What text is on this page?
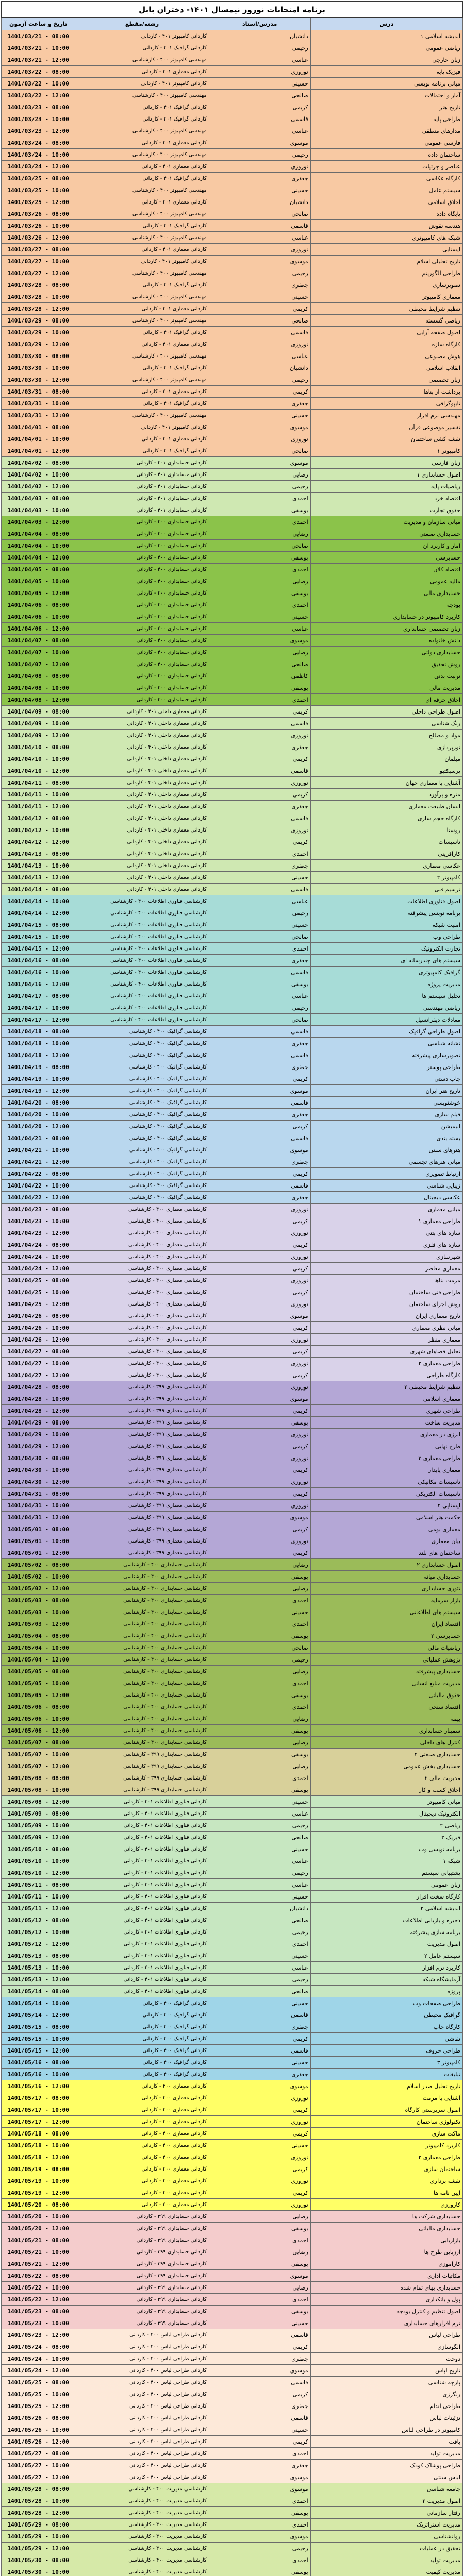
برنامه امتحانات نوروز نیمسال ۱۴۰۱- دختران بابل
درس	مدرس/استاد	رشته/مقطع	تاریخ و ساعت آزمون
اندیشه اسلامی ۱	دانشیان	کاردانی کامپیوتر ۴۰۱ - کاردانی	1401/03/21 - 08:00
ریاضی عمومی	رحیمی	کاردانی گرافیک ۴۰۱ - کاردانی	1401/03/21 - 10:00
زبان خارجی	عباسی	مهندسی کامپیوتر ۴۰۰ - کارشناسی	1401/03/21 - 12:00
فیزیک پایه	نوروزی	کاردانی معماری ۴۰۱ - کاردانی	1401/03/22 - 08:00
مبانی برنامه نویسی	حسینی	کاردانی کامپیوتر ۴۰۱ - کاردانی	1401/03/22 - 10:00
آمار و احتمالات	صالحی	مهندسی کامپیوتر ۴۰۰ - کارشناسی	1401/03/22 - 12:00
تاریخ هنر	کریمی	کاردانی گرافیک ۴۰۱ - کاردانی	1401/03/23 - 08:00
طراحی پایه	قاسمی	کاردانی گرافیک ۴۰۱ - کاردانی	1401/03/23 - 10:00
مدارهای منطقی	عباسی	مهندسی کامپیوتر ۴۰۰ - کارشناسی	1401/03/23 - 12:00
فارسی عمومی	موسوی	کاردانی معماری ۴۰۱ - کاردانی	1401/03/24 - 08:00
ساختمان داده	رحیمی	مهندسی کامپیوتر ۴۰۰ - کارشناسی	1401/03/24 - 10:00
عناصر و جزئیات	نوروزی	کاردانی معماری ۴۰۱ - کاردانی	1401/03/24 - 12:00
کارگاه عکاسی	جعفری	کاردانی گرافیک ۴۰۱ - کاردانی	1401/03/25 - 08:00
سیستم عامل	حسینی	مهندسی کامپیوتر ۴۰۰ - کارشناسی	1401/03/25 - 10:00
اخلاق اسلامی	دانشیان	کاردانی معماری ۴۰۱ - کاردانی	1401/03/25 - 12:00
پایگاه داده	صالحی	مهندسی کامپیوتر ۴۰۰ - کارشناسی	1401/03/26 - 08:00
هندسه نقوش	قاسمی	کاردانی گرافیک ۴۰۱ - کاردانی	1401/03/26 - 10:00
شبکه های کامپیوتری	عباسی	مهندسی کامپیوتر ۴۰۰ - کارشناسی	1401/03/26 - 12:00
ایستایی	نوروزی	کاردانی معماری ۴۰۱ - کاردانی	1401/03/27 - 08:00
تاریخ تحلیلی اسلام	موسوی	کاردانی کامپیوتر ۴۰۱ - کاردانی	1401/03/27 - 10:00
طراحی الگوریتم	رحیمی	مهندسی کامپیوتر ۴۰۰ - کارشناسی	1401/03/27 - 12:00
تصویرسازی	جعفری	کاردانی گرافیک ۴۰۱ - کاردانی	1401/03/28 - 08:00
معماری کامپیوتر	حسینی	مهندسی کامپیوتر ۴۰۰ - کارشناسی	1401/03/28 - 10:00
تنظیم شرایط محیطی	کریمی	کاردانی معماری ۴۰۱ - کاردانی	1401/03/28 - 12:00
ریاضی گسسته	صالحی	مهندسی کامپیوتر ۴۰۰ - کارشناسی	1401/03/29 - 08:00
اصول صفحه آرایی	قاسمی	کاردانی گرافیک ۴۰۱ - کاردانی	1401/03/29 - 10:00
کارگاه سازه	نوروزی	کاردانی معماری ۴۰۱ - کاردانی	1401/03/29 - 12:00
هوش مصنوعی	عباسی	مهندسی کامپیوتر ۴۰۰ - کارشناسی	1401/03/30 - 08:00
انقلاب اسلامی	دانشیان	کاردانی گرافیک ۴۰۱ - کاردانی	1401/03/30 - 10:00
زبان تخصصی	رحیمی	مهندسی کامپیوتر ۴۰۰ - کارشناسی	1401/03/30 - 12:00
برداشت از بناها	کریمی	کاردانی معماری ۴۰۱ - کاردانی	1401/03/31 - 08:00
تایپوگرافی	جعفری	کاردانی گرافیک ۴۰۱ - کاردانی	1401/03/31 - 10:00
مهندسی نرم افزار	حسینی	مهندسی کامپیوتر ۴۰۰ - کارشناسی	1401/03/31 - 12:00
تفسیر موضوعی قرآن	موسوی	کاردانی کامپیوتر ۴۰۱ - کاردانی	1401/04/01 - 08:00
نقشه کشی ساختمان	نوروزی	کاردانی معماری ۴۰۱ - کاردانی	1401/04/01 - 10:00
کامپیوتر ۱	صالحی	کاردانی گرافیک ۴۰۱ - کاردانی	1401/04/01 - 12:00
زبان فارسی	موسوی	کاردانی حسابداری ۴۰۱ - کاردانی	1401/04/02 - 08:00
اصول حسابداری ۱	رضایی	کاردانی حسابداری ۴۰۱ - کاردانی	1401/04/02 - 10:00
ریاضیات پایه	رحیمی	کاردانی حسابداری ۴۰۱ - کاردانی	1401/04/02 - 12:00
اقتصاد خرد	احمدی	کاردانی حسابداری ۴۰۱ - کاردانی	1401/04/03 - 08:00
حقوق تجارت	یوسفی	کاردانی حسابداری ۴۰۱ - کاردانی	1401/04/03 - 10:00
مبانی سازمان و مدیریت	احمدی	کاردانی حسابداری ۴۰۰ - کاردانی	1401/04/03 - 12:00
حسابداری صنعتی	رضایی	کاردانی حسابداری ۴۰۰ - کاردانی	1401/04/04 - 08:00
آمار و کاربرد آن	صالحی	کاردانی حسابداری ۴۰۰ - کاردانی	1401/04/04 - 10:00
حسابرسی	یوسفی	کاردانی حسابداری ۴۰۰ - کاردانی	1401/04/04 - 12:00
اقتصاد کلان	احمدی	کاردانی حسابداری ۴۰۰ - کاردانی	1401/04/05 - 08:00
مالیه عمومی	رضایی	کاردانی حسابداری ۴۰۰ - کاردانی	1401/04/05 - 10:00
حسابداری مالی	یوسفی	کاردانی حسابداری ۴۰۰ - کاردانی	1401/04/05 - 12:00
بودجه	احمدی	کاردانی حسابداری ۴۰۰ - کاردانی	1401/04/06 - 08:00
کاربرد کامپیوتر در حسابداری	حسینی	کاردانی حسابداری ۴۰۰ - کاردانی	1401/04/06 - 10:00
زبان تخصصی حسابداری	عباسی	کاردانی حسابداری ۴۰۰ - کاردانی	1401/04/06 - 12:00
دانش خانواده	موسوی	کاردانی حسابداری ۴۰۰ - کاردانی	1401/04/07 - 08:00
حسابداری دولتی	رضایی	کاردانی حسابداری ۴۰۰ - کاردانی	1401/04/07 - 10:00
روش تحقیق	صالحی	کاردانی حسابداری ۴۰۰ - کاردانی	1401/04/07 - 12:00
تربیت بدنی	کاظمی	کاردانی حسابداری ۴۰۰ - کاردانی	1401/04/08 - 08:00
مدیریت مالی	یوسفی	کاردانی حسابداری ۴۰۰ - کاردانی	1401/04/08 - 10:00
اخلاق حرفه ای	احمدی	کاردانی حسابداری ۴۰۰ - کاردانی	1401/04/08 - 12:00
اصول طراحی داخلی	کریمی	کاردانی معماری داخلی ۴۰۱ - کاردانی	1401/04/09 - 08:00
رنگ شناسی	قاسمی	کاردانی معماری داخلی ۴۰۱ - کاردانی	1401/04/09 - 10:00
مواد و مصالح	نوروزی	کاردانی معماری داخلی ۴۰۱ - کاردانی	1401/04/09 - 12:00
نورپردازی	جعفری	کاردانی معماری داخلی ۴۰۱ - کاردانی	1401/04/10 - 08:00
مبلمان	کریمی	کاردانی معماری داخلی ۴۰۱ - کاردانی	1401/04/10 - 10:00
پرسپکتیو	قاسمی	کاردانی معماری داخلی ۴۰۱ - کاردانی	1401/04/10 - 12:00
آشنایی با معماری جهان	نوروزی	کاردانی معماری داخلی ۴۰۱ - کاردانی	1401/04/11 - 08:00
متره و برآورد	کریمی	کاردانی معماری داخلی ۴۰۱ - کاردانی	1401/04/11 - 10:00
انسان طبیعت معماری	جعفری	کاردانی معماری داخلی ۴۰۱ - کاردانی	1401/04/11 - 12:00
کارگاه حجم سازی	قاسمی	کاردانی معماری داخلی ۴۰۱ - کاردانی	1401/04/12 - 08:00
روستا	نوروزی	کاردانی معماری داخلی ۴۰۱ - کاردانی	1401/04/12 - 10:00
تاسیسات	کریمی	کاردانی معماری داخلی ۴۰۱ - کاردانی	1401/04/12 - 12:00
کارآفرینی	احمدی	کاردانی معماری داخلی ۴۰۱ - کاردانی	1401/04/13 - 08:00
عکاسی معماری	جعفری	کاردانی معماری داخلی ۴۰۱ - کاردانی	1401/04/13 - 10:00
کامپیوتر ۲	حسینی	کاردانی معماری داخلی ۴۰۱ - کاردانی	1401/04/13 - 12:00
ترسیم فنی	قاسمی	کاردانی معماری داخلی ۴۰۱ - کاردانی	1401/04/14 - 08:00
اصول فناوری اطلاعات	عباسی	کارشناسی فناوری اطلاعات ۴۰۰ - کارشناسی	1401/04/14 - 10:00
برنامه نویسی پیشرفته	رحیمی	کارشناسی فناوری اطلاعات ۴۰۰ - کارشناسی	1401/04/14 - 12:00
امنیت شبکه	حسینی	کارشناسی فناوری اطلاعات ۴۰۰ - کارشناسی	1401/04/15 - 08:00
طراحی وب	صالحی	کارشناسی فناوری اطلاعات ۴۰۰ - کارشناسی	1401/04/15 - 10:00
تجارت الکترونیک	احمدی	کارشناسی فناوری اطلاعات ۴۰۰ - کارشناسی	1401/04/15 - 12:00
سیستم های چندرسانه ای	جعفری	کارشناسی فناوری اطلاعات ۴۰۰ - کارشناسی	1401/04/16 - 08:00
گرافیک کامپیوتری	قاسمی	کارشناسی فناوری اطلاعات ۴۰۰ - کارشناسی	1401/04/16 - 10:00
مدیریت پروژه	یوسفی	کارشناسی فناوری اطلاعات ۴۰۰ - کارشناسی	1401/04/16 - 12:00
تحلیل سیستم ها	عباسی	کارشناسی فناوری اطلاعات ۴۰۰ - کارشناسی	1401/04/17 - 08:00
ریاضی مهندسی	رحیمی	کارشناسی فناوری اطلاعات ۴۰۰ - کارشناسی	1401/04/17 - 10:00
معادلات دیفرانسیل	صالحی	کارشناسی فناوری اطلاعات ۴۰۰ - کارشناسی	1401/04/17 - 12:00
اصول طراحی گرافیک	قاسمی	کارشناسی گرافیک ۴۰۰ - کارشناسی	1401/04/18 - 08:00
نشانه شناسی	جعفری	کارشناسی گرافیک ۴۰۰ - کارشناسی	1401/04/18 - 10:00
تصویرسازی پیشرفته	قاسمی	کارشناسی گرافیک ۴۰۰ - کارشناسی	1401/04/18 - 12:00
طراحی پوستر	جعفری	کارشناسی گرافیک ۴۰۰ - کارشناسی	1401/04/19 - 08:00
چاپ دستی	کریمی	کارشناسی گرافیک ۴۰۰ - کارشناسی	1401/04/19 - 10:00
تاریخ هنر ایران	موسوی	کارشناسی گرافیک ۴۰۰ - کارشناسی	1401/04/19 - 12:00
خوشنویسی	قاسمی	کارشناسی گرافیک ۴۰۰ - کارشناسی	1401/04/20 - 08:00
فیلم سازی	جعفری	کارشناسی گرافیک ۴۰۰ - کارشناسی	1401/04/20 - 10:00
انیمیشن	کریمی	کارشناسی گرافیک ۴۰۰ - کارشناسی	1401/04/20 - 12:00
بسته بندی	قاسمی	کارشناسی گرافیک ۴۰۰ - کارشناسی	1401/04/21 - 08:00
هنرهای سنتی	موسوی	کارشناسی گرافیک ۴۰۰ - کارشناسی	1401/04/21 - 10:00
مبانی هنرهای تجسمی	جعفری	کارشناسی گرافیک ۴۰۰ - کارشناسی	1401/04/21 - 12:00
ارتباط تصویری	کریمی	کارشناسی گرافیک ۴۰۰ - کارشناسی	1401/04/22 - 08:00
زیبایی شناسی	قاسمی	کارشناسی گرافیک ۴۰۰ - کارشناسی	1401/04/22 - 10:00
عکاسی دیجیتال	جعفری	کارشناسی گرافیک ۴۰۰ - کارشناسی	1401/04/22 - 12:00
مبانی معماری	نوروزی	کارشناسی معماری ۴۰۰ - کارشناسی	1401/04/23 - 08:00
طراحی معماری ۱	کریمی	کارشناسی معماری ۴۰۰ - کارشناسی	1401/04/23 - 10:00
سازه های بتنی	نوروزی	کارشناسی معماری ۴۰۰ - کارشناسی	1401/04/23 - 12:00
سازه های فلزی	کریمی	کارشناسی معماری ۴۰۰ - کارشناسی	1401/04/24 - 08:00
شهرسازی	نوروزی	کارشناسی معماری ۴۰۰ - کارشناسی	1401/04/24 - 10:00
معماری معاصر	کریمی	کارشناسی معماری ۴۰۰ - کارشناسی	1401/04/24 - 12:00
مرمت بناها	نوروزی	کارشناسی معماری ۴۰۰ - کارشناسی	1401/04/25 - 08:00
طراحی فنی ساختمان	کریمی	کارشناسی معماری ۴۰۰ - کارشناسی	1401/04/25 - 10:00
روش اجرای ساختمان	نوروزی	کارشناسی معماری ۴۰۰ - کارشناسی	1401/04/25 - 12:00
تاریخ معماری ایران	موسوی	کارشناسی معماری ۴۰۰ - کارشناسی	1401/04/26 - 08:00
مبانی نظری معماری	کریمی	کارشناسی معماری ۴۰۰ - کارشناسی	1401/04/26 - 10:00
معماری منظر	نوروزی	کارشناسی معماری ۴۰۰ - کارشناسی	1401/04/26 - 12:00
تحلیل فضاهای شهری	کریمی	کارشناسی معماری ۴۰۰ - کارشناسی	1401/04/27 - 08:00
طراحی معماری ۲	نوروزی	کارشناسی معماری ۴۰۰ - کارشناسی	1401/04/27 - 10:00
کارگاه طراحی	کریمی	کارشناسی معماری ۴۰۰ - کارشناسی	1401/04/27 - 12:00
تنظیم شرایط محیطی ۲	نوروزی	کارشناسی معماری ۳۹۹ - کارشناسی	1401/04/28 - 08:00
معماری اسلامی	موسوی	کارشناسی معماری ۳۹۹ - کارشناسی	1401/04/28 - 10:00
طراحی شهری	کریمی	کارشناسی معماری ۳۹۹ - کارشناسی	1401/04/28 - 12:00
مدیریت ساخت	یوسفی	کارشناسی معماری ۳۹۹ - کارشناسی	1401/04/29 - 08:00
انرژی در معماری	نوروزی	کارشناسی معماری ۳۹۹ - کارشناسی	1401/04/29 - 10:00
طرح نهایی	کریمی	کارشناسی معماری ۳۹۹ - کارشناسی	1401/04/29 - 12:00
طراحی معماری ۳	نوروزی	کارشناسی معماری ۳۹۹ - کارشناسی	1401/04/30 - 08:00
معماری پایدار	کریمی	کارشناسی معماری ۳۹۹ - کارشناسی	1401/04/30 - 10:00
تاسیسات مکانیکی	نوروزی	کارشناسی معماری ۳۹۹ - کارشناسی	1401/04/30 - 12:00
تاسیسات الکتریکی	کریمی	کارشناسی معماری ۳۹۹ - کارشناسی	1401/04/31 - 08:00
ایستایی ۲	نوروزی	کارشناسی معماری ۳۹۹ - کارشناسی	1401/04/31 - 10:00
حکمت هنر اسلامی	موسوی	کارشناسی معماری ۳۹۹ - کارشناسی	1401/04/31 - 12:00
معماری بومی	کریمی	کارشناسی معماری ۳۹۹ - کارشناسی	1401/05/01 - 08:00
بیان معماری	نوروزی	کارشناسی معماری ۳۹۹ - کارشناسی	1401/05/01 - 10:00
ساختمان های بلند	کریمی	کارشناسی معماری ۳۹۹ - کارشناسی	1401/05/01 - 12:00
اصول حسابداری ۲	رضایی	کارشناسی حسابداری ۴۰۰ - کارشناسی	1401/05/02 - 08:00
حسابداری میانه	یوسفی	کارشناسی حسابداری ۴۰۰ - کارشناسی	1401/05/02 - 10:00
تئوری حسابداری	رضایی	کارشناسی حسابداری ۴۰۰ - کارشناسی	1401/05/02 - 12:00
بازار سرمایه	احمدی	کارشناسی حسابداری ۴۰۰ - کارشناسی	1401/05/03 - 08:00
سیستم های اطلاعاتی	حسینی	کارشناسی حسابداری ۴۰۰ - کارشناسی	1401/05/03 - 10:00
اقتصاد ایران	احمدی	کارشناسی حسابداری ۴۰۰ - کارشناسی	1401/05/03 - 12:00
حسابرسی ۲	یوسفی	کارشناسی حسابداری ۴۰۰ - کارشناسی	1401/05/04 - 08:00
ریاضیات مالی	صالحی	کارشناسی حسابداری ۴۰۰ - کارشناسی	1401/05/04 - 10:00
پژوهش عملیاتی	رحیمی	کارشناسی حسابداری ۴۰۰ - کارشناسی	1401/05/04 - 12:00
حسابداری پیشرفته	رضایی	کارشناسی حسابداری ۴۰۰ - کارشناسی	1401/05/05 - 08:00
مدیریت منابع انسانی	احمدی	کارشناسی حسابداری ۴۰۰ - کارشناسی	1401/05/05 - 10:00
حقوق مالیاتی	یوسفی	کارشناسی حسابداری ۴۰۰ - کارشناسی	1401/05/05 - 12:00
اقتصاد سنجی	احمدی	کارشناسی حسابداری ۴۰۰ - کارشناسی	1401/05/06 - 08:00
بیمه	رضایی	کارشناسی حسابداری ۴۰۰ - کارشناسی	1401/05/06 - 10:00
سمینار حسابداری	یوسفی	کارشناسی حسابداری ۴۰۰ - کارشناسی	1401/05/06 - 12:00
کنترل های داخلی	رضایی	کارشناسی حسابداری ۴۰۰ - کارشناسی	1401/05/07 - 08:00
حسابداری صنعتی ۲	یوسفی	کارشناسی حسابداری ۳۹۹ - کارشناسی	1401/05/07 - 10:00
حسابداری بخش عمومی	رضایی	کارشناسی حسابداری ۳۹۹ - کارشناسی	1401/05/07 - 12:00
مدیریت مالی ۲	احمدی	کارشناسی حسابداری ۳۹۹ - کارشناسی	1401/05/08 - 08:00
اخلاق کسب و کار	یوسفی	کارشناسی حسابداری ۳۹۹ - کارشناسی	1401/05/08 - 10:00
مبانی کامپیوتر	حسینی	کاردانی فناوری اطلاعات ۴۰۱ - کاردانی	1401/05/08 - 12:00
الکترونیک دیجیتال	عباسی	کاردانی فناوری اطلاعات ۴۰۱ - کاردانی	1401/05/09 - 08:00
ریاضی ۲	رحیمی	کاردانی فناوری اطلاعات ۴۰۱ - کاردانی	1401/05/09 - 10:00
فیزیک ۲	صالحی	کاردانی فناوری اطلاعات ۴۰۱ - کاردانی	1401/05/09 - 12:00
برنامه نویسی وب	حسینی	کاردانی فناوری اطلاعات ۴۰۱ - کاردانی	1401/05/10 - 08:00
شبکه ۱	عباسی	کاردانی فناوری اطلاعات ۴۰۱ - کاردانی	1401/05/10 - 10:00
پشتیبانی سیستم	رحیمی	کاردانی فناوری اطلاعات ۴۰۱ - کاردانی	1401/05/10 - 12:00
زبان عمومی	عباسی	کاردانی فناوری اطلاعات ۴۰۱ - کاردانی	1401/05/11 - 08:00
کارگاه سخت افزار	حسینی	کاردانی فناوری اطلاعات ۴۰۱ - کاردانی	1401/05/11 - 10:00
اندیشه اسلامی ۲	دانشیان	کاردانی فناوری اطلاعات ۴۰۱ - کاردانی	1401/05/11 - 12:00
ذخیره و بازیابی اطلاعات	صالحی	کاردانی فناوری اطلاعات ۴۰۱ - کاردانی	1401/05/12 - 08:00
برنامه سازی پیشرفته	رحیمی	کاردانی فناوری اطلاعات ۴۰۱ - کاردانی	1401/05/12 - 10:00
اصول مدیریت	احمدی	کاردانی فناوری اطلاعات ۴۰۱ - کاردانی	1401/05/12 - 12:00
سیستم عامل ۲	حسینی	کاردانی فناوری اطلاعات ۴۰۱ - کاردانی	1401/05/13 - 08:00
کاربرد نرم افزار	عباسی	کاردانی فناوری اطلاعات ۴۰۱ - کاردانی	1401/05/13 - 10:00
آزمایشگاه شبکه	رحیمی	کاردانی فناوری اطلاعات ۴۰۱ - کاردانی	1401/05/13 - 12:00
پروژه	صالحی	کاردانی فناوری اطلاعات ۴۰۱ - کاردانی	1401/05/14 - 08:00
طراحی صفحات وب	حسینی	کاردانی گرافیک ۴۰۰ - کاردانی	1401/05/14 - 10:00
گرافیک محیطی	قاسمی	کاردانی گرافیک ۴۰۰ - کاردانی	1401/05/14 - 12:00
کارگاه چاپ	جعفری	کاردانی گرافیک ۴۰۰ - کاردانی	1401/05/15 - 08:00
نقاشی	کریمی	کاردانی گرافیک ۴۰۰ - کاردانی	1401/05/15 - 10:00
طراحی حروف	قاسمی	کاردانی گرافیک ۴۰۰ - کاردانی	1401/05/15 - 12:00
کامپیوتر ۳	حسینی	کاردانی گرافیک ۴۰۰ - کاردانی	1401/05/16 - 08:00
تبلیغات	جعفری	کاردانی گرافیک ۴۰۰ - کاردانی	1401/05/16 - 10:00
تاریخ تحلیل صدر اسلام	موسوی	کاردانی معماری ۴۰۰ - کاردانی	1401/05/16 - 12:00
آشنایی با مرمت	نوروزی	کاردانی معماری ۴۰۰ - کاردانی	1401/05/17 - 08:00
اصول سرپرستی کارگاه	کریمی	کاردانی معماری ۴۰۰ - کاردانی	1401/05/17 - 10:00
تکنولوژی ساختمان	نوروزی	کاردانی معماری ۴۰۰ - کاردانی	1401/05/17 - 12:00
ماکت سازی	کریمی	کاردانی معماری ۴۰۰ - کاردانی	1401/05/18 - 08:00
کاربرد کامپیوتر	حسینی	کاردانی معماری ۴۰۰ - کاردانی	1401/05/18 - 10:00
طراحی معماری ۲	نوروزی	کاردانی معماری ۴۰۰ - کاردانی	1401/05/18 - 12:00
ساختمان سازی	کریمی	کاردانی معماری ۴۰۰ - کاردانی	1401/05/19 - 08:00
نقشه برداری	نوروزی	کاردانی معماری ۴۰۰ - کاردانی	1401/05/19 - 10:00
آیین نامه ها	کریمی	کاردانی معماری ۴۰۰ - کاردانی	1401/05/19 - 12:00
کارورزی	نوروزی	کاردانی معماری ۴۰۰ - کاردانی	1401/05/20 - 08:00
حسابداری شرکت ها	رضایی	کاردانی حسابداری ۳۹۹ - کاردانی	1401/05/20 - 10:00
حسابداری مالیاتی	یوسفی	کاردانی حسابداری ۳۹۹ - کاردانی	1401/05/20 - 12:00
بازاریابی	احمدی	کاردانی حسابداری ۳۹۹ - کاردانی	1401/05/21 - 08:00
ارزیابی طرح ها	رضایی	کاردانی حسابداری ۳۹۹ - کاردانی	1401/05/21 - 10:00
کارآموزی	یوسفی	کاردانی حسابداری ۳۹۹ - کاردانی	1401/05/21 - 12:00
مکاتبات اداری	موسوی	کاردانی حسابداری ۳۹۹ - کاردانی	1401/05/22 - 08:00
حسابداری بهای تمام شده	رضایی	کاردانی حسابداری ۳۹۹ - کاردانی	1401/05/22 - 10:00
پول و بانکداری	احمدی	کاردانی حسابداری ۳۹۹ - کاردانی	1401/05/22 - 12:00
اصول تنظیم و کنترل بودجه	یوسفی	کاردانی حسابداری ۳۹۹ - کاردانی	1401/05/23 - 08:00
نرم افزارهای حسابداری	حسینی	کاردانی حسابداری ۳۹۹ - کاردانی	1401/05/23 - 10:00
طراحی لباس	قاسمی	کاردانی طراحی لباس ۴۰۰ - کاردانی	1401/05/23 - 12:00
الگوسازی	کریمی	کاردانی طراحی لباس ۴۰۰ - کاردانی	1401/05/24 - 08:00
دوخت	جعفری	کاردانی طراحی لباس ۴۰۰ - کاردانی	1401/05/24 - 10:00
تاریخ لباس	موسوی	کاردانی طراحی لباس ۴۰۰ - کاردانی	1401/05/24 - 12:00
پارچه شناسی	قاسمی	کاردانی طراحی لباس ۴۰۰ - کاردانی	1401/05/25 - 08:00
رنگرزی	کریمی	کاردانی طراحی لباس ۴۰۰ - کاردانی	1401/05/25 - 10:00
طراحی اندام	جعفری	کاردانی طراحی لباس ۴۰۰ - کاردانی	1401/05/25 - 12:00
تزئینات لباس	قاسمی	کاردانی طراحی لباس ۴۰۰ - کاردانی	1401/05/26 - 08:00
کامپیوتر در طراحی لباس	حسینی	کاردانی طراحی لباس ۴۰۰ - کاردانی	1401/05/26 - 10:00
بافت	کریمی	کاردانی طراحی لباس ۴۰۰ - کاردانی	1401/05/26 - 12:00
مدیریت تولید	احمدی	کاردانی طراحی لباس ۴۰۰ - کاردانی	1401/05/27 - 08:00
طراحی پوشاک کودک	جعفری	کاردانی طراحی لباس ۴۰۰ - کاردانی	1401/05/27 - 10:00
لباس سنتی	موسوی	کاردانی طراحی لباس ۴۰۰ - کاردانی	1401/05/27 - 12:00
جامعه شناسی	موسوی	کارشناسی مدیریت ۴۰۰ - کارشناسی	1401/05/28 - 08:00
اصول مدیریت ۲	احمدی	کارشناسی مدیریت ۴۰۰ - کارشناسی	1401/05/28 - 10:00
رفتار سازمانی	یوسفی	کارشناسی مدیریت ۴۰۰ - کارشناسی	1401/05/28 - 12:00
مدیریت استراتژیک	احمدی	کارشناسی مدیریت ۴۰۰ - کارشناسی	1401/05/29 - 08:00
روانشناسی	موسوی	کارشناسی مدیریت ۴۰۰ - کارشناسی	1401/05/29 - 10:00
تحقیق در عملیات	رحیمی	کارشناسی مدیریت ۴۰۰ - کارشناسی	1401/05/29 - 12:00
مدیریت تولید	احمدی	کارشناسی مدیریت ۴۰۰ - کارشناسی	1401/05/30 - 08:00
مدیریت کیفیت	یوسفی	کارشناسی مدیریت ۴۰۰ - کارشناسی	1401/05/30 - 10:00
